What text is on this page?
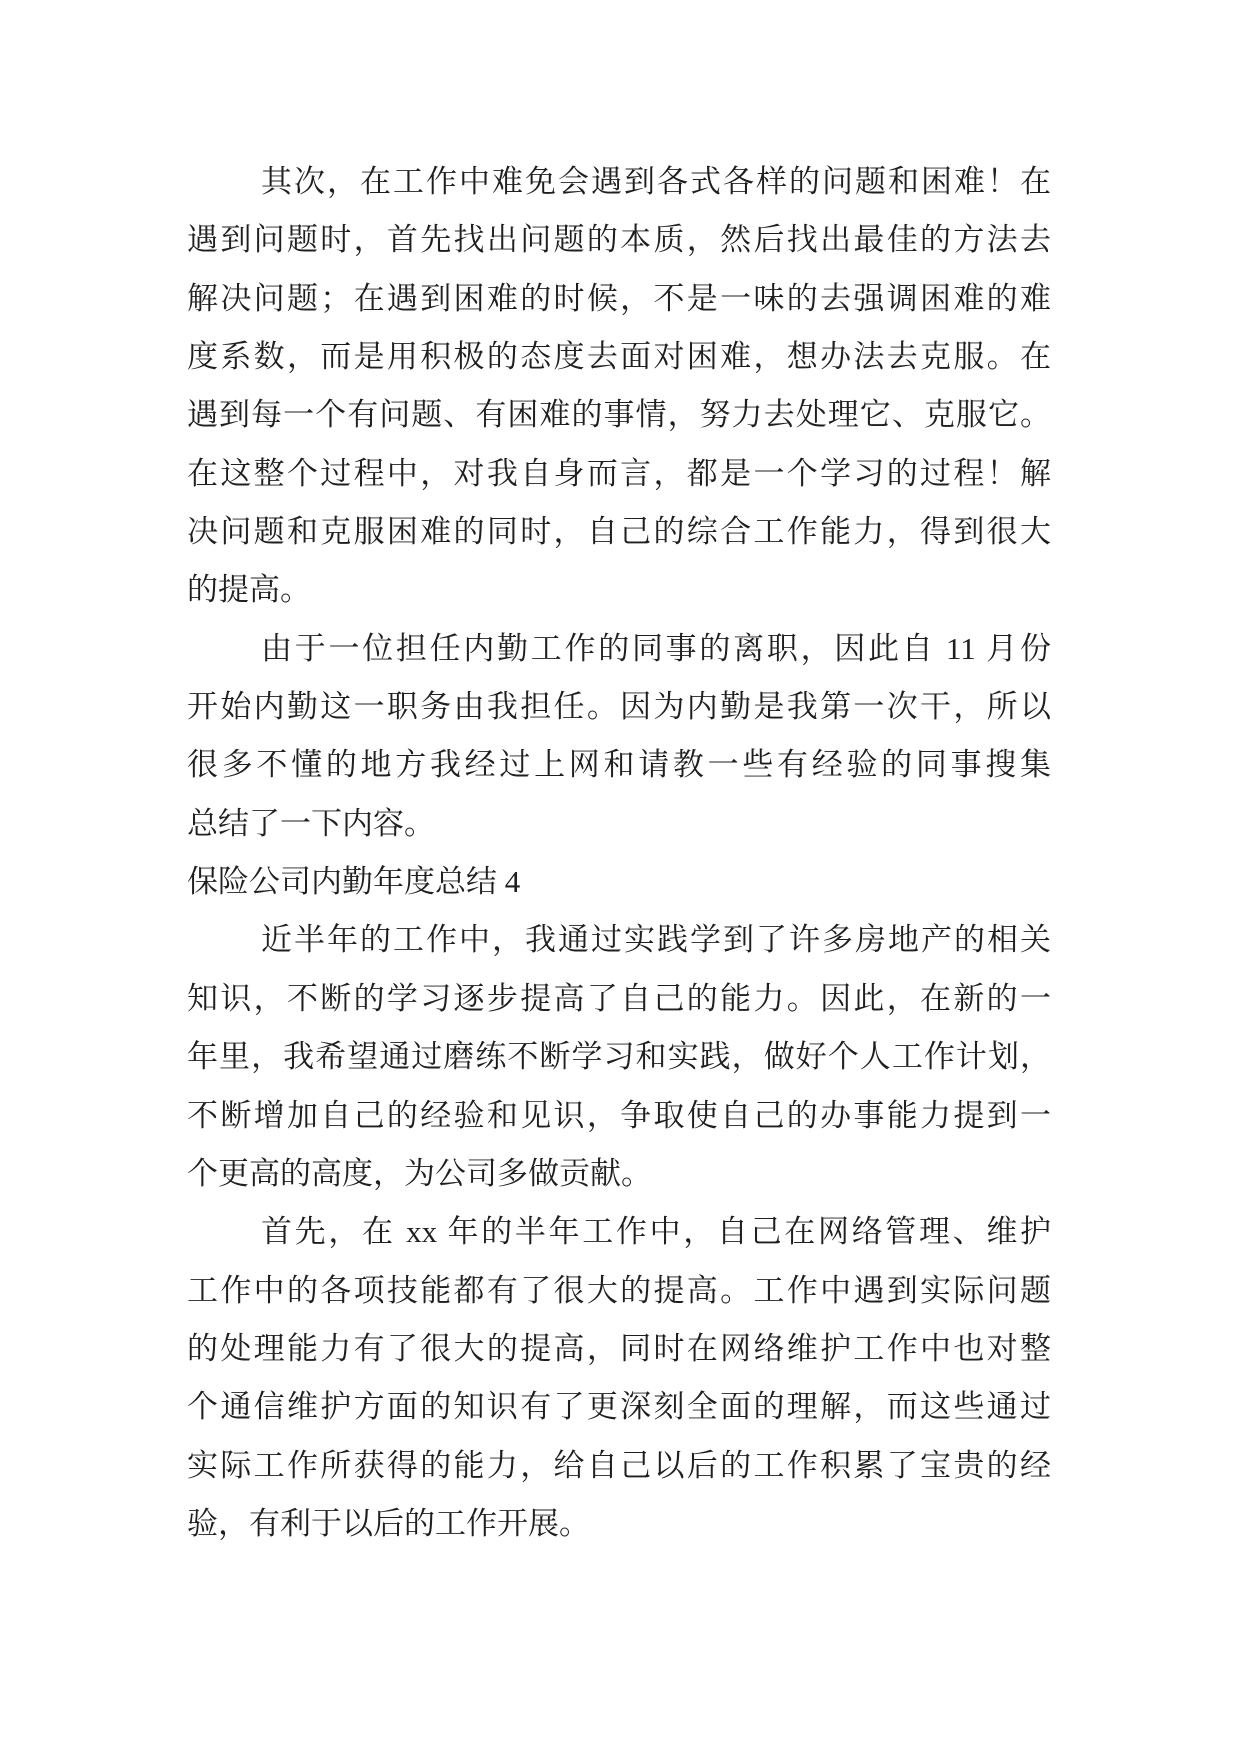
其次，在工作中难免会遇到各式各样的问题和困难！在
遇到问题时，首先找出问题的本质，然后找出最佳的方法去
解决问题；在遇到困难的时候，不是一味的去强调困难的难
度系数，而是用积极的态度去面对困难，想办法去克服。在
遇到每一个有问题、有困难的事情，努力去处理它、克服它。
在这整个过程中，对我自身而言，都是一个学习的过程！解
决问题和克服困难的同时，自己的综合工作能力，得到很大
的提高。
由于一位担任内勤工作的同事的离职，因此自 11 月份
开始内勤这一职务由我担任。因为内勤是我第一次干，所以
很多不懂的地方我经过上网和请教一些有经验的同事搜集
总结了一下内容。
保险公司内勤年度总结 4
近半年的工作中，我通过实践学到了许多房地产的相关
知识，不断的学习逐步提高了自己的能力。因此，在新的一
年里，我希望通过磨练不断学习和实践，做好个人工作计划，
不断增加自己的经验和见识，争取使自己的办事能力提到一
个更高的高度，为公司多做贡献。
首先，在 xx 年的半年工作中，自己在网络管理、维护
工作中的各项技能都有了很大的提高。工作中遇到实际问题
的处理能力有了很大的提高，同时在网络维护工作中也对整
个通信维护方面的知识有了更深刻全面的理解，而这些通过
实际工作所获得的能力，给自己以后的工作积累了宝贵的经
验，有利于以后的工作开展。
